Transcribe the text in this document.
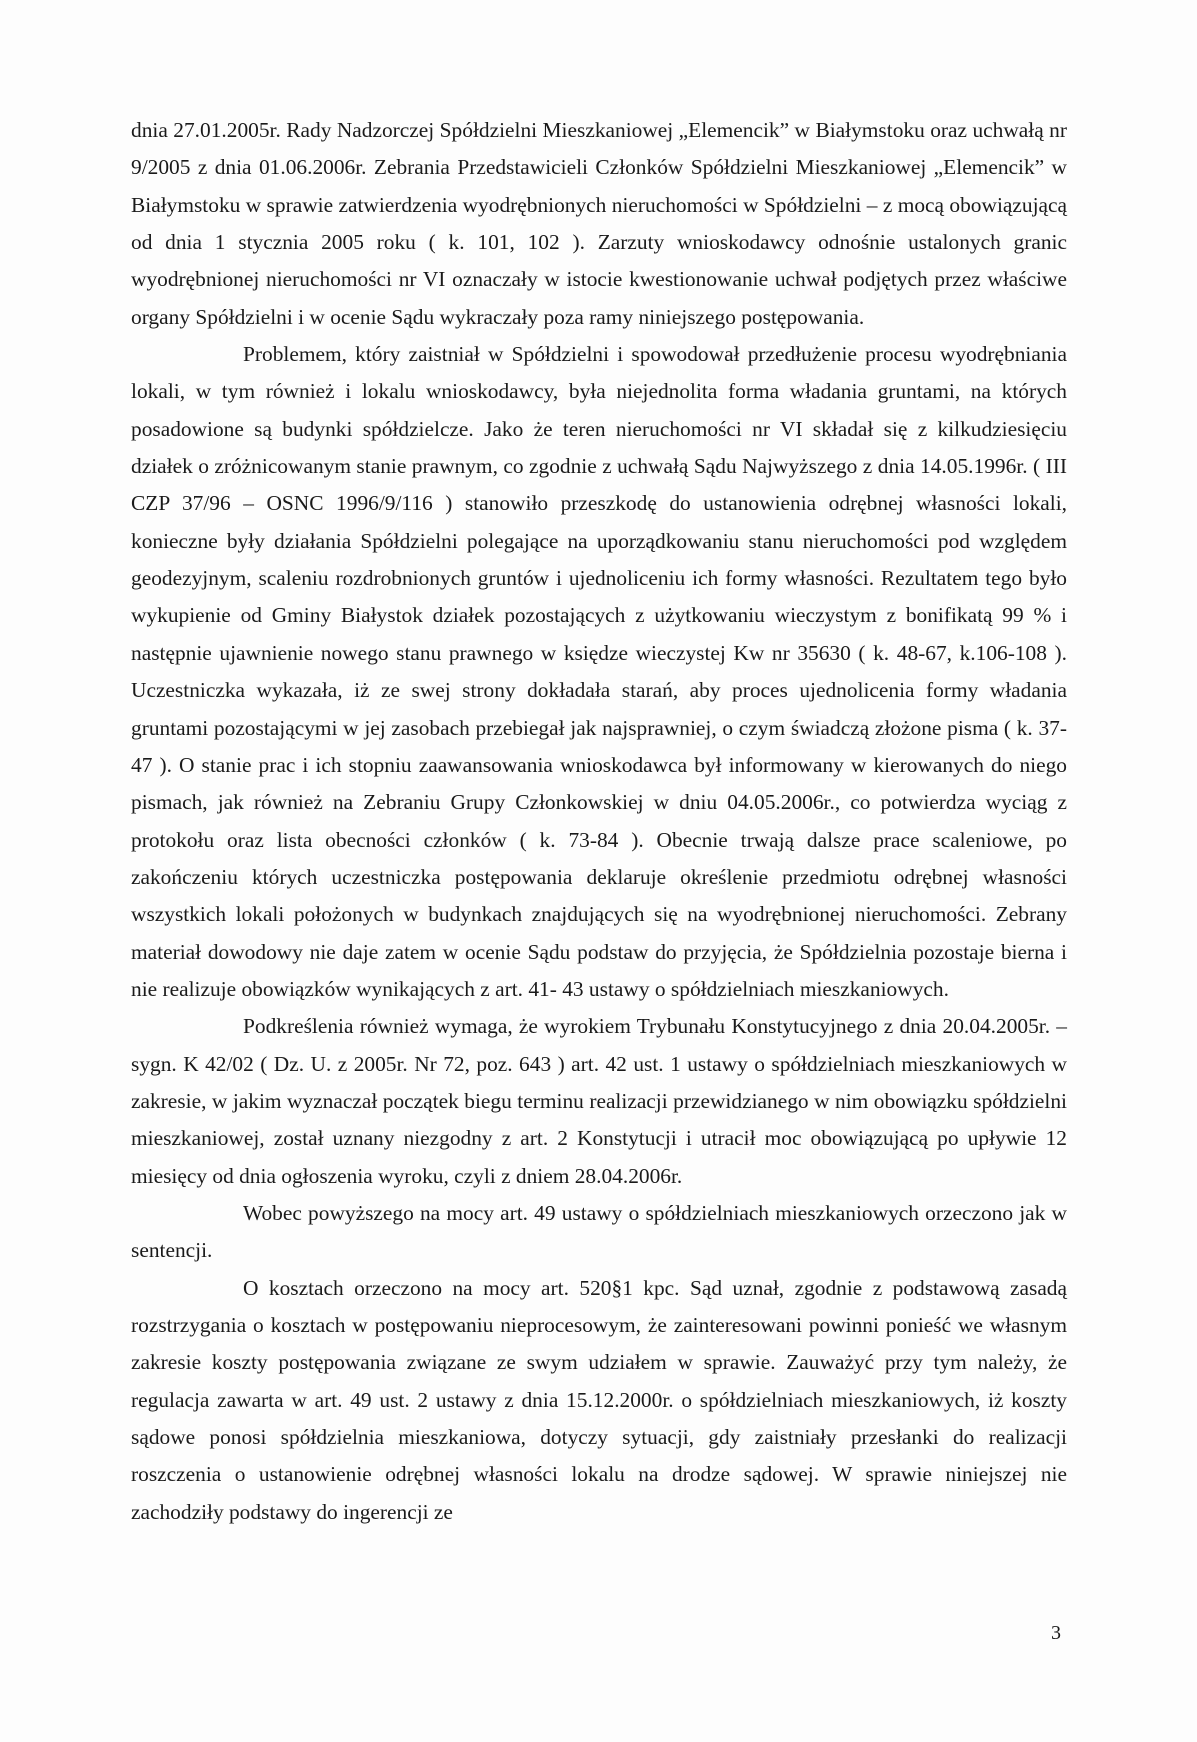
dnia 27.01.2005r. Rady Nadzorczej Spółdzielni Mieszkaniowej „Elemencik” w Białymstoku oraz uchwałą nr 9/2005 z dnia 01.06.2006r. Zebrania Przedstawicieli Członków Spółdzielni Mieszkaniowej „Elemencik” w Białymstoku w sprawie zatwierdzenia wyodrębnionych nieruchomości w Spółdzielni – z mocą obowiązującą od dnia 1 stycznia 2005 roku ( k. 101, 102 ). Zarzuty wnioskodawcy odnośnie ustalonych granic wyodrębnionej nieruchomości nr VI oznaczały w istocie kwestionowanie uchwał podjętych przez właściwe organy Spółdzielni i w ocenie Sądu wykraczały poza ramy niniejszego postępowania.

Problemem, który zaistniał w Spółdzielni i spowodował przedłużenie procesu wyodrębniania lokali, w tym również i lokalu wnioskodawcy, była niejednolita forma władania gruntami, na których posadowione są budynki spółdzielcze. Jako że teren nieruchomości nr VI składał się z kilkudziesięciu działek o zróżnicowanym stanie prawnym, co zgodnie z uchwałą Sądu Najwyższego z dnia 14.05.1996r. ( III CZP 37/96 – OSNC 1996/9/116 ) stanowiło przeszkodę do ustanowienia odrębnej własności lokali, konieczne były działania Spółdzielni polegające na uporządkowaniu stanu nieruchomości pod względem geodezyjnym, scaleniu rozdrobnionych gruntów i ujednoliceniu ich formy własności. Rezultatem tego było wykupienie od Gminy Białystok działek pozostających z użytkowaniu wieczystym z bonifikatą 99 % i następnie ujawnienie nowego stanu prawnego w księdze wieczystej Kw nr 35630 ( k. 48-67, k.106-108 ). Uczestniczka wykazała, iż ze swej strony dokładała starań, aby proces ujednolicenia formy władania gruntami pozostającymi w jej zasobach przebiegał jak najsprawniej, o czym świadczą złożone pisma ( k. 37- 47 ). O stanie prac i ich stopniu zaawansowania wnioskodawca był informowany w kierowanych do niego pismach, jak również na Zebraniu Grupy Członkowskiej w dniu 04.05.2006r., co potwierdza wyciąg z protokołu oraz lista obecności członków ( k. 73-84 ). Obecnie trwają dalsze prace scaleniowe, po zakończeniu których uczestniczka postępowania deklaruje określenie przedmiotu odrębnej własności wszystkich lokali położonych w budynkach znajdujących się na wyodrębnionej nieruchomości. Zebrany materiał dowodowy nie daje zatem w ocenie Sądu podstaw do przyjęcia, że Spółdzielnia pozostaje bierna i nie realizuje obowiązków wynikających z art. 41- 43 ustawy o spółdzielniach mieszkaniowych.

Podkreślenia również wymaga, że wyrokiem Trybunału Konstytucyjnego z dnia 20.04.2005r. – sygn. K 42/02 ( Dz. U. z 2005r. Nr 72, poz. 643 ) art. 42 ust. 1 ustawy o spółdzielniach mieszkaniowych w zakresie, w jakim wyznaczał początek biegu terminu realizacji przewidzianego w nim obowiązku spółdzielni mieszkaniowej, został uznany niezgodny z art. 2 Konstytucji i utracił moc obowiązującą po upływie 12 miesięcy od dnia ogłoszenia wyroku, czyli z dniem 28.04.2006r.

Wobec powyższego na mocy art. 49 ustawy o spółdzielniach mieszkaniowych orzeczono jak w sentencji.

O kosztach orzeczono na mocy art. 520§1 kpc. Sąd uznał, zgodnie z podstawową zasadą rozstrzygania o kosztach w postępowaniu nieprocesowym, że zainteresowani powinni ponieść we własnym zakresie koszty postępowania związane ze swym udziałem w sprawie. Zauważyć przy tym należy, że regulacja zawarta w art. 49 ust. 2 ustawy z dnia 15.12.2000r. o spółdzielniach mieszkaniowych, iż koszty sądowe ponosi spółdzielnia mieszkaniowa, dotyczy sytuacji, gdy zaistniały przesłanki do realizacji roszczenia o ustanowienie odrębnej własności lokalu na drodze sądowej. W sprawie niniejszej nie zachodziły podstawy do ingerencji ze

3
